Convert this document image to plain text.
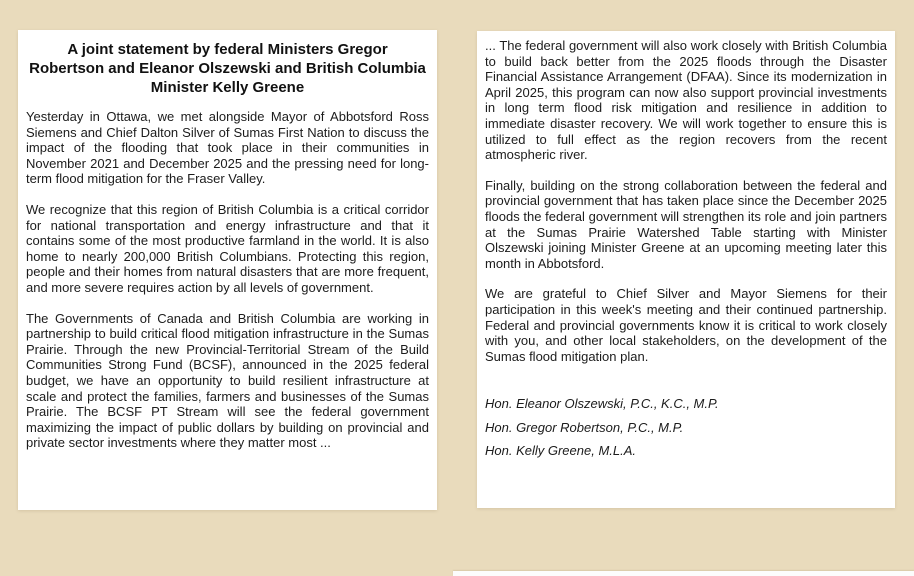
A joint statement by federal Ministers Gregor Robertson and Eleanor Olszewski and British Columbia Minister Kelly Greene
Yesterday in Ottawa, we met alongside Mayor of Abbotsford Ross Siemens and Chief Dalton Silver of Sumas First Nation to discuss the impact of the flooding that took place in their communities in November 2021 and December 2025 and the pressing need for long-term flood mitigation for the Fraser Valley.
We recognize that this region of British Columbia is a critical corridor for national transportation and energy infrastructure and that it contains some of the most productive farmland in the world. It is also home to nearly 200,000 British Columbians. Protecting this region, people and their homes from natural disasters that are more frequent, and more severe requires action by all levels of government.
The Governments of Canada and British Columbia are working in partnership to build critical flood mitigation infrastructure in the Sumas Prairie. Through the new Provincial-Territorial Stream of the Build Communities Strong Fund (BCSF), announced in the 2025 federal budget, we have an opportunity to build resilient infrastructure at scale and protect the families, farmers and businesses of the Sumas Prairie. The BCSF PT Stream will see the federal government maximizing the impact of public dollars by building on provincial and private sector investments where they matter most ...
... The federal government will also work closely with British Columbia to build back better from the 2025 floods through the Disaster Financial Assistance Arrangement (DFAA). Since its modernization in April 2025, this program can now also support provincial investments in long term flood risk mitigation and resilience in addition to immediate disaster recovery. We will work together to ensure this is utilized to full effect as the region recovers from the recent atmospheric river.
Finally, building on the strong collaboration between the federal and provincial government that has taken place since the December 2025 floods the federal government will strengthen its role and join partners at the Sumas Prairie Watershed Table starting with Minister Olszewski joining Minister Greene at an upcoming meeting later this month in Abbotsford.
We are grateful to Chief Silver and Mayor Siemens for their participation in this week's meeting and their continued partnership. Federal and provincial governments know it is critical to work closely with you, and other local stakeholders, on the development of the Sumas flood mitigation plan.
Hon. Eleanor Olszewski, P.C., K.C., M.P.
Hon. Gregor Robertson, P.C., M.P.
Hon. Kelly Greene, M.L.A.
